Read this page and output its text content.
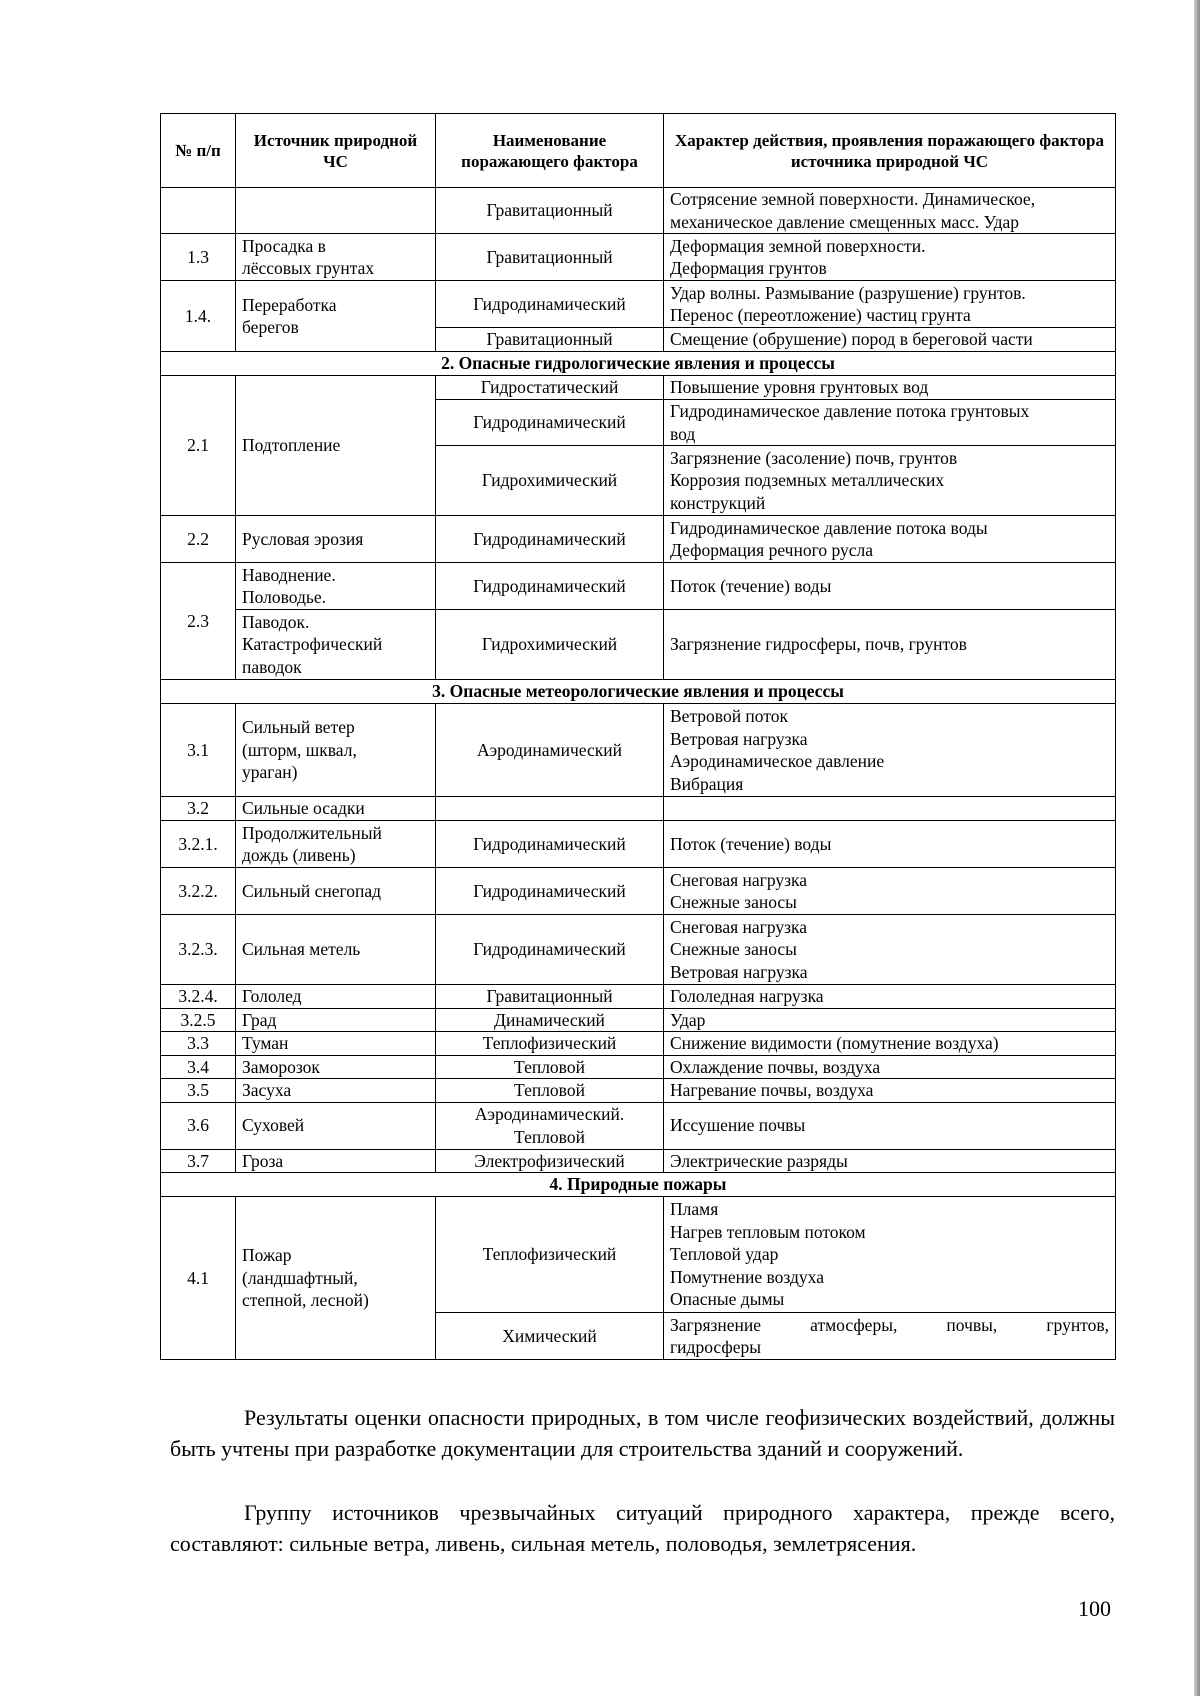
№ п/п	Источник природной ЧС	Наименование поражающего фактора	Характер действия, проявления поражающего фактора источника природной ЧС
		Гравитационный	Сотрясение земной поверхности. Динамическое,
механическое давление смещенных масс. Удар

1.3	Просадка в
лёссовых грунтах	Гравитационный	Деформация земной поверхности.
Деформация грунтов

1.4.	Переработка
берегов	Гидродинамический	Удар волны. Размывание (разрушение) грунтов.
Перенос (переотложение) частиц грунта

		Гравитационный	Смещение (обрушение) пород в береговой части
2. Опасные гидрологические явления и процессы			
2.1	Подтопление	Гидростатический	Повышение уровня грунтовых вод
		Гидродинамический	Гидродинамическое давление потока грунтовых
вод

		Гидрохимический	Загрязнение (засоление) почв, грунтов
Коррозия подземных металлических
конструкций

2.2	Русловая эрозия	Гидродинамический	Гидродинамическое давление потока воды
Деформация речного русла

2.3	Наводнение.
Половодье.	Гидродинамический	Поток (течение) воды

	Паводок.
Катастрофический
паводок	Гидрохимический	Загрязнение гидросферы, почв, грунтов
3. Опасные метеорологические явления и процессы			
3.1	Сильный ветер
(шторм, шквал,
ураган)	Аэродинамический	Ветровой поток
Ветровая нагрузка
Аэродинамическое давление
Вибрация

3.2	Сильные осадки		
3.2.1.	Продолжительный
дождь (ливень)	Гидродинамический	Поток (течение) воды
3.2.2.	Сильный снегопад	Гидродинамический	Снеговая нагрузка
Снежные заносы

3.2.3.	Сильная метель	Гидродинамический	Снеговая нагрузка
Снежные заносы
Ветровая нагрузка

3.2.4.	Гололед	Гравитационный	Гололедная нагрузка
3.2.5	Град	Динамический	Удар
3.3	Туман	Теплофизический	Снижение видимости (помутнение воздуха)
3.4	Заморозок	Тепловой	Охлаждение почвы, воздуха
3.5	Засуха	Тепловой	Нагревание почвы, воздуха
3.6	Суховей	Аэродинамический. Тепловой	Иссушение почвы
3.7	Гроза	Электрофизический	Электрические разряды
4. Природные пожары			
4.1	Пожар
(ландшафтный,
степной, лесной)	Теплофизический	Пламя
Нагрев тепловым потоком
Тепловой удар
Помутнение воздуха
Опасные дымы

		Химический	Загрязнение атмосферы, почвы, грунтов,
гидросферы
Результаты оценки опасности природных, в том числе геофизических воздействий, должны быть учтены при разработке документации для строительства зданий и сооружений.
Группу источников чрезвычайных ситуаций природного характера, прежде всего, составляют: сильные ветра, ливень, сильная метель, половодья, землетрясения.
100
